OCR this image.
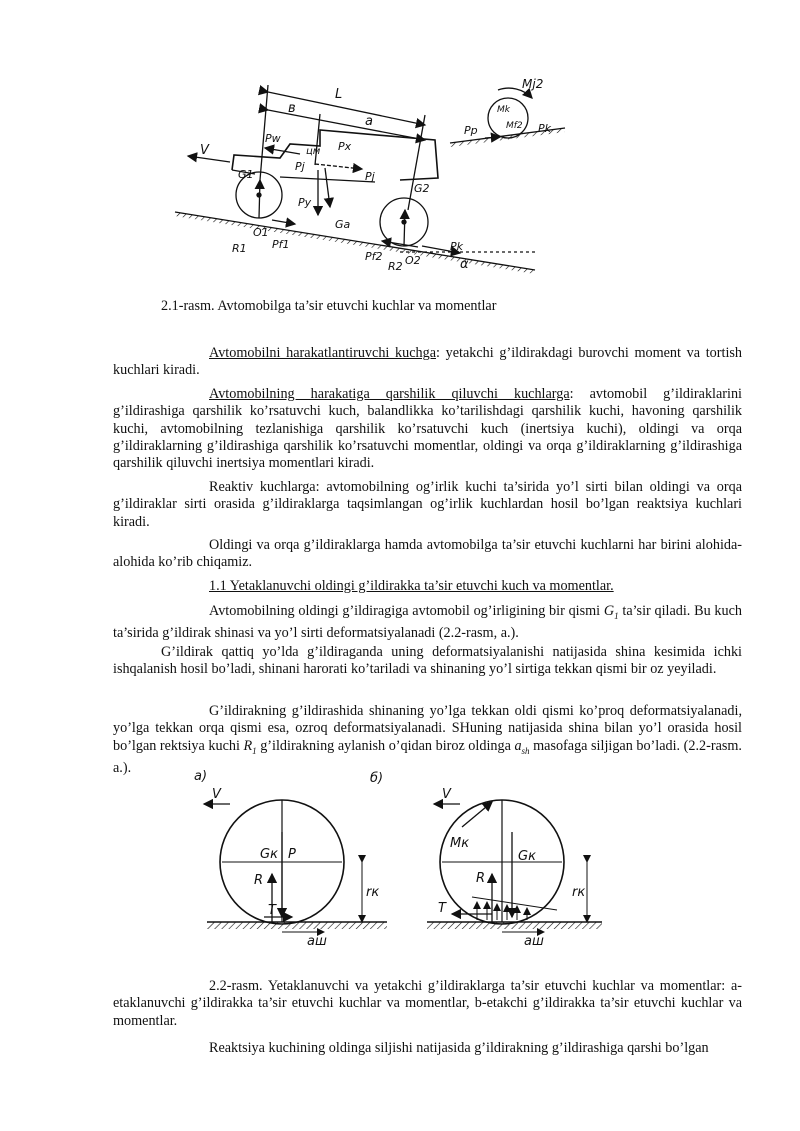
L
в
a
V
Pw
цм Px
Pj
Pj
Py
G1
G2
Ga
O1
O2
R1
R2
Pf1
Pf2
Pk
α
Mj2
Mk
Mf2
Pp	Pk
2.1-rasm. Avtomobilga ta’sir etuvchi kuchlar va momentlar

Avtomobilni harakatlantiruvchi kuchga: yetakchi g’ildirakdagi burovchi moment va tortish kuchlari kiradi.

Avtomobilning harakatiga qarshilik qiluvchi kuchlarga: avtomobil g’ildiraklarini g’ildirashiga qarshilik ko’rsatuvchi kuch, balandlikka ko’tarilishdagi qarshilik kuchi, havoning qarshilik kuchi, avtomobilning tezlanishiga qarshilik ko’rsatuvchi kuch (inertsiya kuchi), oldingi va orqa g’ildiraklarning g’ildirashiga qarshilik ko’rsatuvchi momentlar, oldingi va orqa g’ildiraklarning g’ildirashiga qarshilik qiluvchi inertsiya momentlari kiradi.

Reaktiv kuchlarga: avtomobilning og’irlik kuchi ta’sirida yo’l sirti bilan oldingi va orqa g’ildiraklar sirti orasida g’ildiraklarga taqsimlangan og’irlik kuchlardan hosil bo’lgan reaktsiya kuchlari kiradi.

Oldingi va orqa g’ildiraklarga hamda avtomobilga ta’sir etuvchi kuchlarni har birini alohida-alohida ko’rib chiqamiz.

1.1 Yetaklanuvchi oldingi g’ildirakka ta’sir etuvchi kuch va momentlar.

Avtomobilning oldingi g’ildiragiga avtomobil og’irligining bir qismi $G_1$ ta’sir qiladi. Bu kuch ta’sirida g’ildirak shinasi va yo’l sirti deformatsiyalanadi (2.2-rasm, a.).

G’ildirak qattiq yo’lda g’ildiraganda uning deformatsiyalanishi natijasida shina kesimida ichki ishqalanish hosil bo’ladi, shinani harorati ko’tariladi va shinaning yo’l sirtiga tekkan qismi bir oz yeyiladi.

G’ildirakning g’ildirashida shinaning yo’lga tekkan oldi qismi ko’proq deformatsiyalanadi, yo’lga tekkan orqa qismi esa, ozroq deformatsiyalanadi. SHuning natijasida shina bilan yo’l orasida hosil bo’lgan rektsiya kuchi $R_1$ g’ildirakning aylanish o’qidan biroz oldinga $a_{sh}$ masofaga siljigan bo’ladi. (2.2-rasm. a.).

a)	б)
V	V
Gк P
R
T
rк
aш
Mк
Gк
R
T
rк
aш

2.2-rasm. Yetaklanuvchi va yetakchi g’ildiraklarga ta’sir etuvchi kuchlar va momentlar: a-etaklanuvchi g’ildirakka ta’sir etuvchi kuchlar va momentlar, b-etakchi g’ildirakka ta’sir etuvchi kuchlar va momentlar.

Reaktsiya kuchining oldinga siljishi natijasida g’ildirakning g’ildirashiga qarshi bo’lgan
